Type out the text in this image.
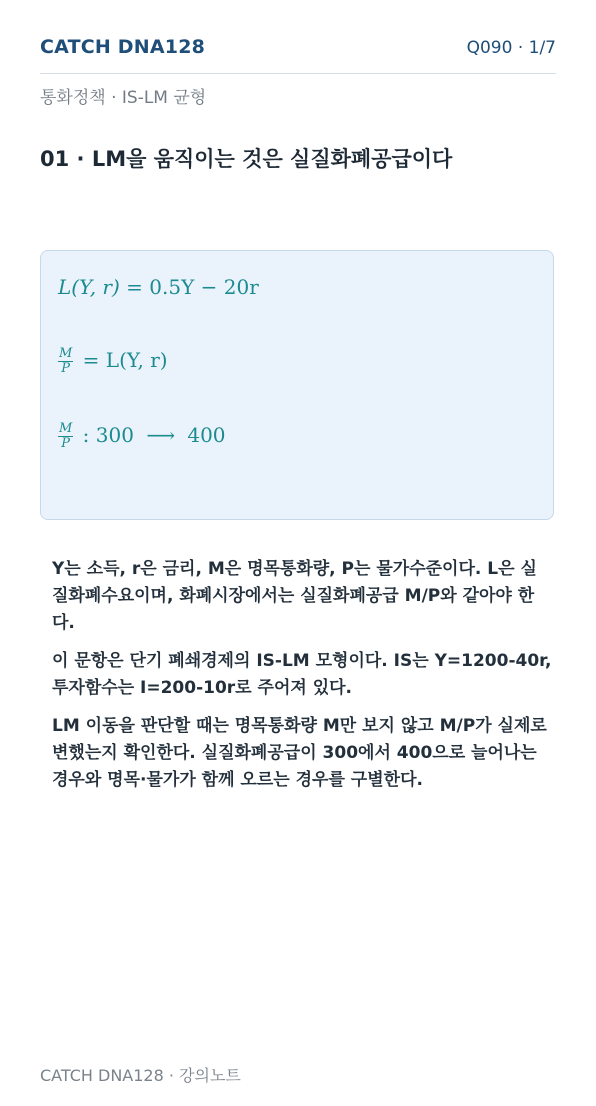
CATCH DNA128	Q090 · 1/7
통화정책 · IS-LM 균형
01 · LM을 움직이는 것은 실질화폐공급이다
L(Y, r) = 0.5Y − 20r
$\frac{M}{P} = L(Y$, r)
$\frac{M}{P}$ : 300 ⟶ 400

Y는 소득, r은 금리, M은 명목통화량, P는 물가수준이다. L은 실질화폐수요이며, 화폐시장에서는 실질화폐공급 M/P와 같아야 한다.

이 문항은 단기 폐쇄경제의 IS-LM 모형이다. IS는 Y=1200-40r, 투자함수는 I=200-10r로 주어져 있다.

LM 이동을 판단할 때는 명목통화량 M만 보지 않고 M/P가 실제로 변했는지 확인한다. 실질화폐공급이 300에서 400으로 늘어나는 경우와 명목·물가가 함께 오르는 경우를 구별한다.

CATCH DNA128 · 강의노트
